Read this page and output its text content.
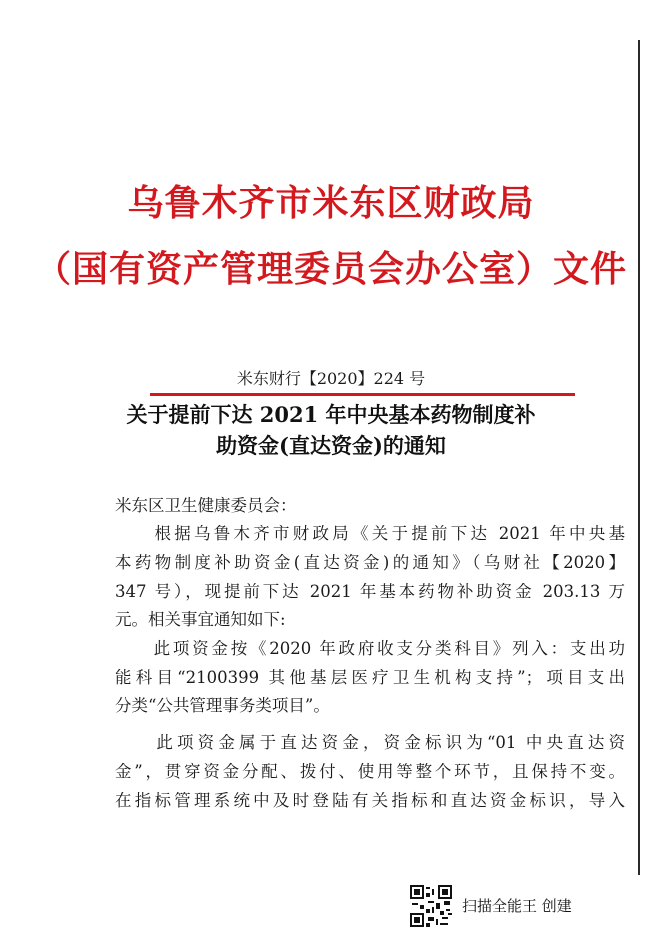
乌鲁木齐市米东区财政局
（国有资产管理委员会办公室）文件
米东财行【2020】224 号
关于提前下达 2021 年中央基本药物制度补
助资金(直达资金)的通知
米东区卫生健康委员会：
　　根据乌鲁木齐市财政局《关于提前下达 2021 年中央基
本药物制度补助资金(直达资金)的通知》（乌财社【2020】
347 号），现提前下达 2021 年基本药物补助资金 203.13 万
元。相关事宜通知如下:
　　此项资金按《2020 年政府收支分类科目》列入：支出功
能科目“2100399 其他基层医疗卫生机构支持”；项目支出
分类“公共管理事务类项目”。
　　此项资金属于直达资金，资金标识为“01 中央直达资
金”，贯穿资金分配、拨付、使用等整个环节，且保持不变。
在指标管理系统中及时登陆有关指标和直达资金标识，导入
扫描全能王 创建
